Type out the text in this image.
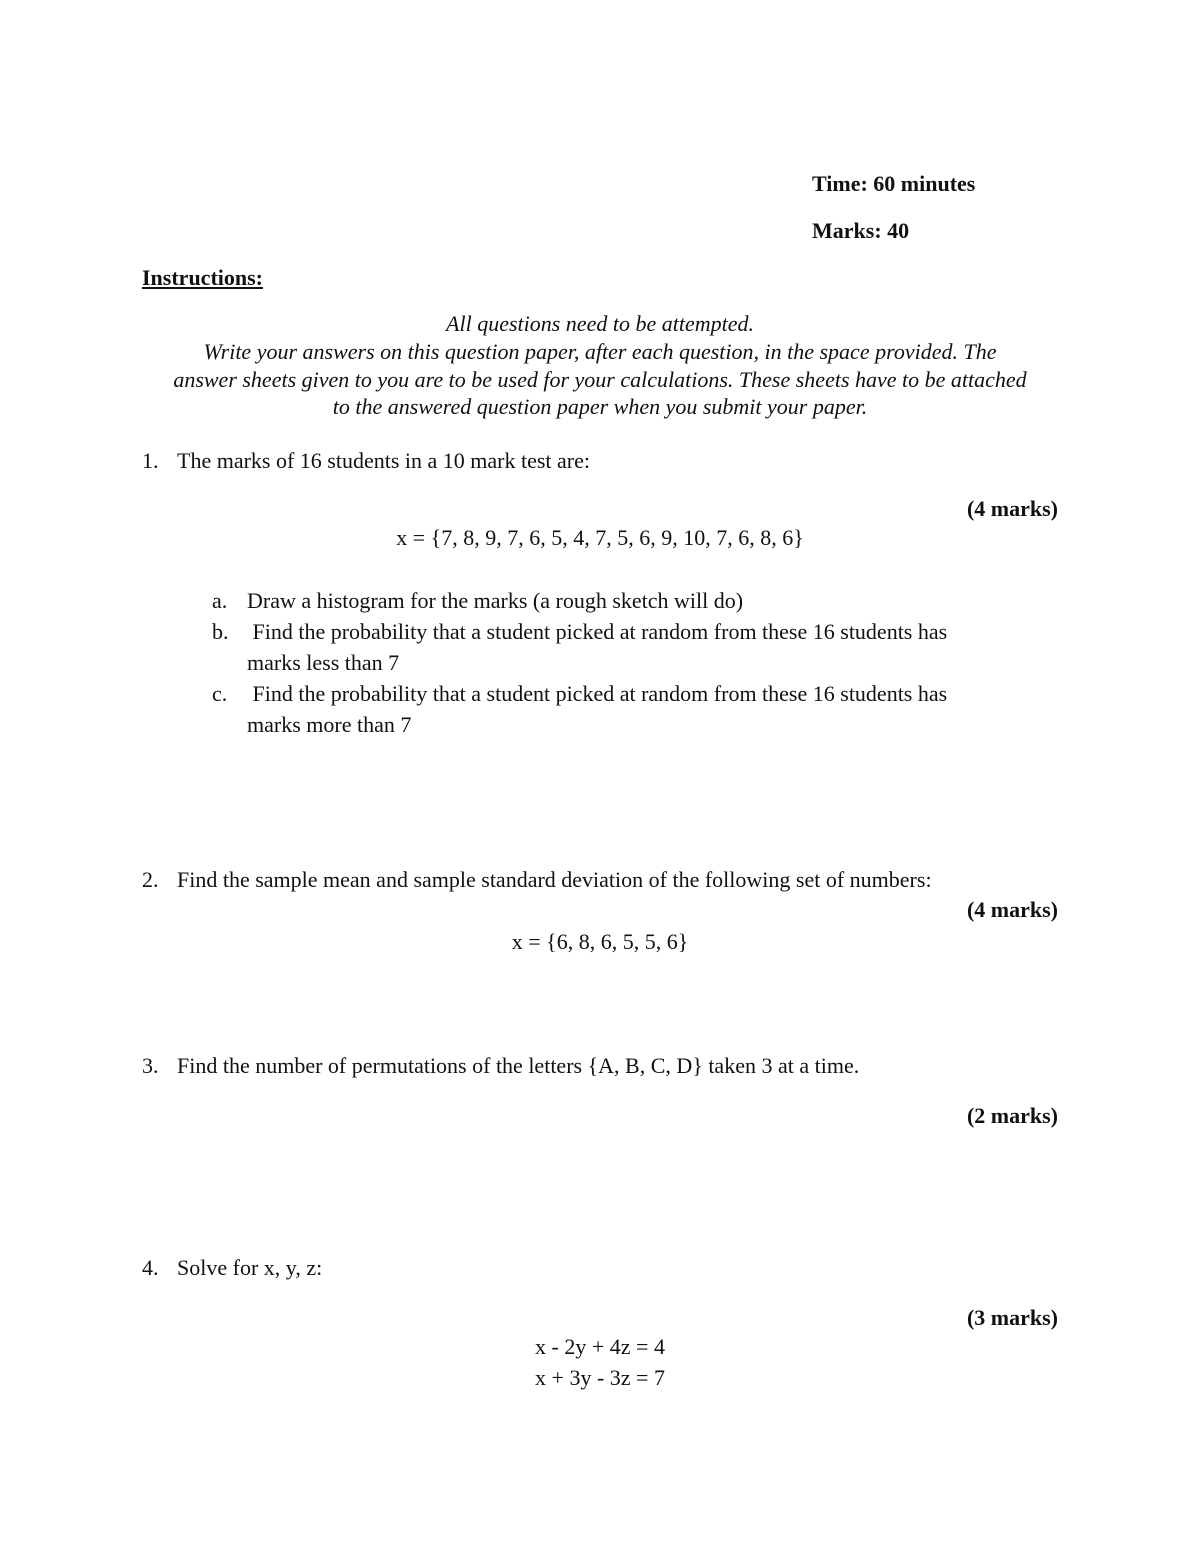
Time: 60 minutes
Marks: 40
Instructions:
All questions need to be attempted.
Write your answers on this question paper, after each question, in the space provided. The
answer sheets given to you are to be used for your calculations. These sheets have to be attached
to the answered question paper when you submit your paper.
1. The marks of 16 students in a 10 mark test are:
(4 marks)
x = {7, 8, 9, 7, 6, 5, 4, 7, 5, 6, 9, 10, 7, 6, 8, 6}
a. Draw a histogram for the marks (a rough sketch will do)
b. Find the probability that a student picked at random from these 16 students has
marks less than 7
c. Find the probability that a student picked at random from these 16 students has
marks more than 7
2. Find the sample mean and sample standard deviation of the following set of numbers:
(4 marks)
x = {6, 8, 6, 5, 5, 6}
3. Find the number of permutations of the letters {A, B, C, D} taken 3 at a time.
(2 marks)
4. Solve for x, y, z:
(3 marks)
x - 2y + 4z = 4
x + 3y - 3z = 7
